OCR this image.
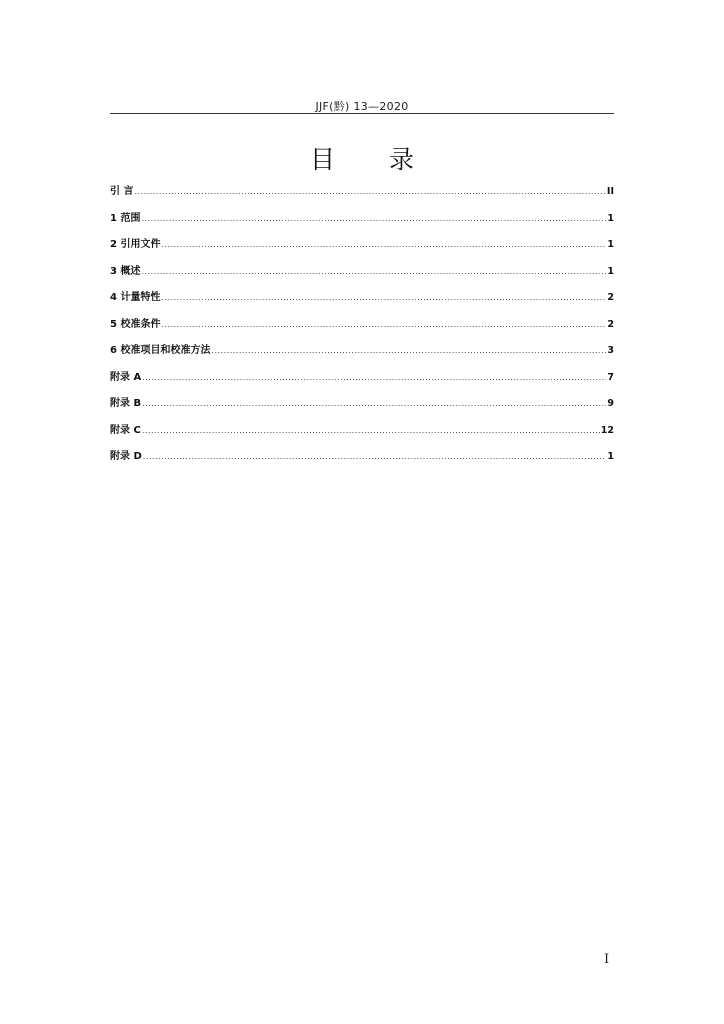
JJF(黔) 13—2020
目 录
引 言 .....	II
1 范围 .....	1
2 引用文件 .....	1
3 概述 .....	1
4 计量特性 .....	2
5 校准条件 .....	2
6 校准项目和校准方法 .....	3
附录 A .....	7
附录 B .....	9
附录 C .....	12
附录 D .....	1
I
